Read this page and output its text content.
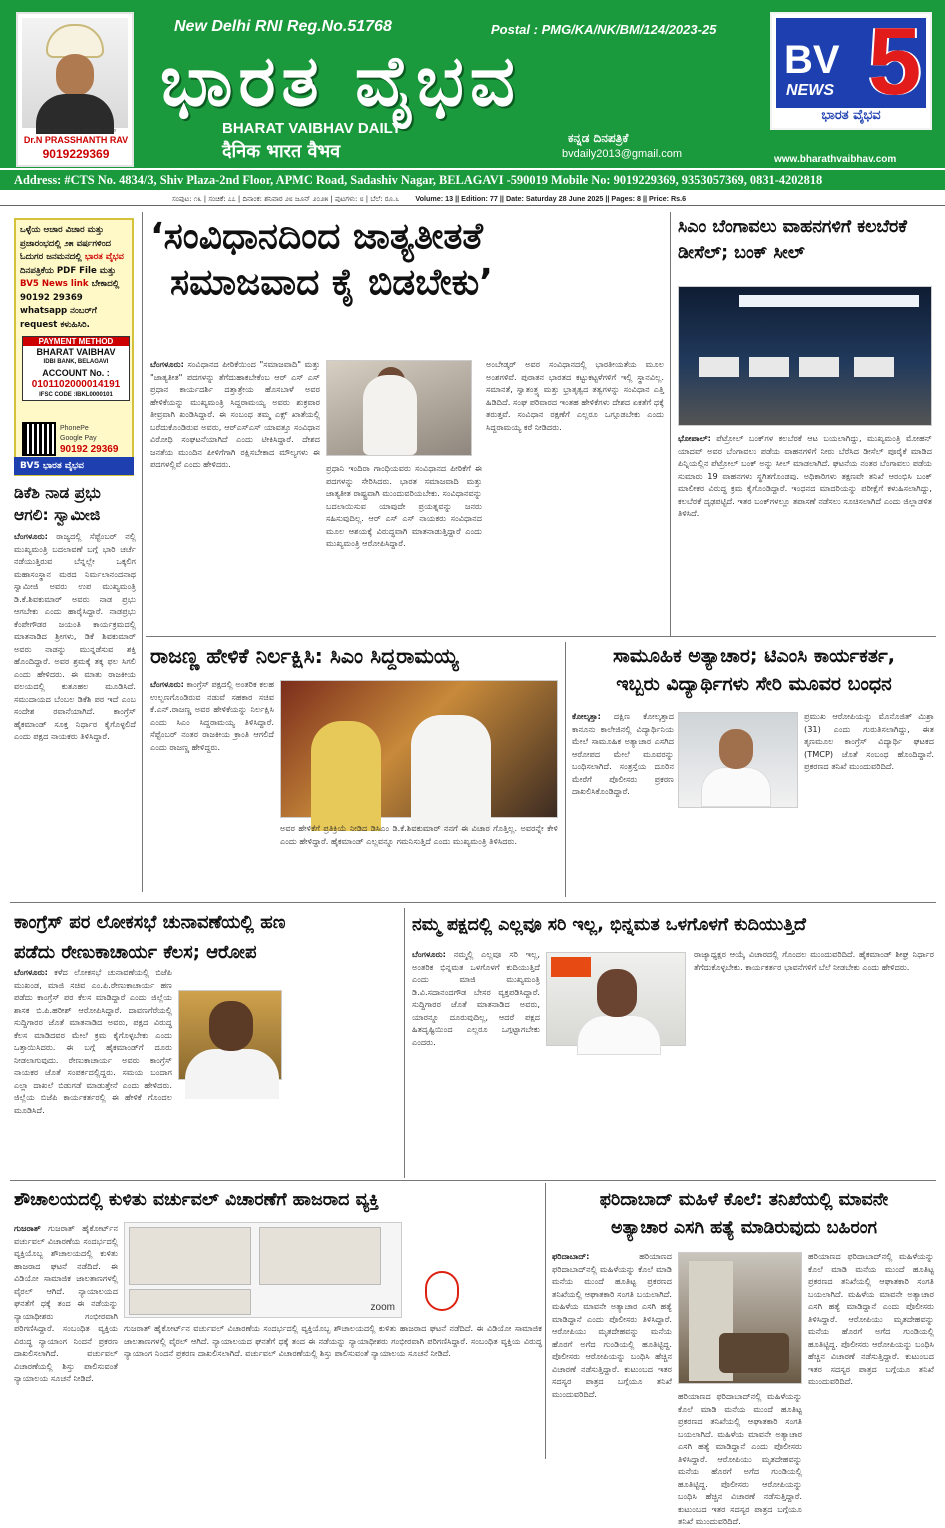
Read, Discuss & Debate with
Dr.N PRASSHANTH RAV
9019229369
New Delhi RNI Reg.No.51768	Postal : PMG/KA/NK/BM/124/2023-25
ಭಾರತ ವೈಭವ
BHARAT VAIBHAV DAILY
दैनिक भारत वैभव
ಕನ್ನಡ ದಿನಪತ್ರಿಕೆ
bvdaily2013@gmail.com
BV
NEWS 5
ಭಾರತ ವೈಭವ
www.bharathvaibhav.com
Address: #CTS No. 4834/3, Shiv Plaza-2nd Floor, APMC Road, Sadashiv Nagar, BELAGAVI -590019 Mobile No: 9019229369, 9353057369, 0831-4202818
ಸಂಪುಟ: ೧೩ | ಸಂಚಿಕೆ: ೭೭ | ದಿನಾಂಕ: ಶನಿವಾರ ೨೮ ಜೂನ್ ೨೦೨೫ | ಪುಟಗಳು: ೮ | ಬೆಲೆ: ರೂ.೬ Volume: 13 || Edition: 77 || Date: Saturday 28 June 2025 || Pages: 8 || Price: Rs.6
ಒಳ್ಳೆಯ ಆಚಾರ ವಿಚಾರ ಮತ್ತು ಪ್ರಜಾರಂಭದಲ್ಲಿ ೨೫ ವರ್ಷಗಳಿಂದ ಓದುಗರ ಜನಮನದಲ್ಲಿ ಭಾರತ ವೈಭವ ದಿನಪತ್ರಿಕೆಯ PDF File ಮತ್ತು BV5 News link ಬೇಕಾದಲ್ಲಿ 90192 29369 whatsapp ನಂಬರ್‌ಗೆ request ಕಳುಹಿಸಿರಿ.
PAYMENT METHOD
BHARAT VAIBHAV
IDBI BANK, BELAGAVI
ACCOUNT No. :
0101102000014191
IFSC CODE :IBKL0000101
PhonePe
Google Pay
90192 29369
BV5 ಭಾರತ ವೈಭವ
ಡಿಕೆಶಿ ನಾಡ ಪ್ರಭು ಆಗಲಿ: ಸ್ವಾಮೀಜಿ
ಬೆಂಗಳೂರು: ರಾಜ್ಯದಲ್ಲಿ ಸೆಪ್ಟೆಂಬರ್ ನಲ್ಲಿ ಮುಖ್ಯಮಂತ್ರಿ ಬದಲಾವಣೆ ಬಗ್ಗೆ ಭಾರಿ ಚರ್ಚೆ ನಡೆಯುತ್ತಿರುವ ಬೆನ್ನಲ್ಲೇ ಒಕ್ಕಲಿಗ ಮಹಾಸಂಸ್ಥಾನ ಮಠದ ನಿರ್ಮಲಾನಂದನಾಥ ಸ್ವಾಮೀಜಿ ಅವರು ಉಪ ಮುಖ್ಯಮಂತ್ರಿ ಡಿ.ಕೆ.ಶಿವಕುಮಾರ್ ಅವರು ನಾಡ ಪ್ರಭು ಆಗಬೇಕು ಎಂದು ಹಾರೈಸಿದ್ದಾರೆ. ನಾಡಪ್ರಭು ಕೆಂಪೇಗೌಡರ ಜಯಂತಿ ಕಾರ್ಯಕ್ರಮದಲ್ಲಿ ಮಾತನಾಡಿದ ಶ್ರೀಗಳು, ಡಿಕೆ ಶಿವಕುಮಾರ್ ಅವರು ನಾಡನ್ನು ಮುನ್ನಡೆಸುವ ಶಕ್ತಿ ಹೊಂದಿದ್ದಾರೆ. ಅವರ ಶ್ರಮಕ್ಕೆ ತಕ್ಕ ಫಲ ಸಿಗಲಿ ಎಂದು ಹೇಳಿದರು. ಈ ಮಾತು ರಾಜಕೀಯ ವಲಯದಲ್ಲಿ ಕುತೂಹಲ ಮೂಡಿಸಿದೆ. ಸಮುದಾಯದ ಬೆಂಬಲ ಡಿಕೆಶಿ ಪರ ಇದೆ ಎಂಬ ಸಂದೇಶ ರವಾನೆಯಾಗಿದೆ. ಕಾಂಗ್ರೆಸ್ ಹೈಕಮಾಂಡ್ ಸೂಕ್ತ ನಿರ್ಧಾರ ಕೈಗೊಳ್ಳಲಿದೆ ಎಂದು ಪಕ್ಷದ ನಾಯಕರು ತಿಳಿಸಿದ್ದಾರೆ.
‘ಸಂವಿಧಾನದಿಂದ ಜಾತ್ಯತೀತತೆ
ಸಮಾಜವಾದ ಕೈ ಬಿಡಬೇಕು’
ಬೆಂಗಳೂರು: ಸಂವಿಧಾನದ ಪೀಠಿಕೆಯಿಂದ "ಸಮಾಜವಾದಿ" ಮತ್ತು "ಜಾತ್ಯತೀತ" ಪದಗಳನ್ನು ತೆಗೆದುಹಾಕಬೇಕೆಂಬ ಆರ್ ಎಸ್ ಎಸ್ ಪ್ರಧಾನ ಕಾರ್ಯದರ್ಶಿ ದತ್ತಾತ್ರೇಯ ಹೊಸಬಾಳೆ ಅವರ ಹೇಳಿಕೆಯನ್ನು ಮುಖ್ಯಮಂತ್ರಿ ಸಿದ್ದರಾಮಯ್ಯ ಅವರು ಶುಕ್ರವಾರ ತೀವ್ರವಾಗಿ ಖಂಡಿಸಿದ್ದಾರೆ. ಈ ಸಂಬಂಧ ತಮ್ಮ ಎಕ್ಸ್ ಖಾತೆಯಲ್ಲಿ ಬರೆದುಕೊಂಡಿರುವ ಅವರು, ಆರ್‌ಎಸ್‌ಎಸ್ ಯಾವತ್ತೂ ಸಂವಿಧಾನ ವಿರೋಧಿ ಸಂಘಟನೆಯಾಗಿದೆ ಎಂದು ಟೀಕಿಸಿದ್ದಾರೆ. ದೇಶದ ಜನತೆಯ ಮುಂದಿನ ಪೀಳಿಗೆಗಾಗಿ ರಕ್ಷಿಸಬೇಕಾದ ಮೌಲ್ಯಗಳು ಈ ಪದಗಳಲ್ಲಿವೆ ಎಂದು ಹೇಳಿದರು.	ಪ್ರಧಾನಿ ಇಂದಿರಾ ಗಾಂಧಿಯವರು ಸಂವಿಧಾನದ ಪೀಠಿಕೆಗೆ ಈ ಪದಗಳನ್ನು ಸೇರಿಸಿದರು. ಭಾರತ ಸಮಾಜವಾದಿ ಮತ್ತು ಜಾತ್ಯತೀತ ರಾಷ್ಟ್ರವಾಗಿ ಮುಂದುವರಿಯಬೇಕು. ಸಂವಿಧಾನವನ್ನು ಬದಲಾಯಿಸುವ ಯಾವುದೇ ಪ್ರಯತ್ನವನ್ನು ಜನರು ಸಹಿಸುವುದಿಲ್ಲ. ಆರ್ ಎಸ್ ಎಸ್ ನಾಯಕರು ಸಂವಿಧಾನದ ಮೂಲ ಆಶಯಕ್ಕೆ ವಿರುದ್ಧವಾಗಿ ಮಾತನಾಡುತ್ತಿದ್ದಾರೆ ಎಂದು ಮುಖ್ಯಮಂತ್ರಿ ಆರೋಪಿಸಿದ್ದಾರೆ.
ಅಂಬೇಡ್ಕರ್ ಅವರ ಸಂವಿಧಾನದಲ್ಲಿ ಭಾರತೀಯತೆಯ ಮೂಲ ಅಂಶಗಳಿವೆ. ಪುರಾತನ ಭಾರತದ ಕಟ್ಟುಕಟ್ಟಳೆಗಳಿಗೆ ಇಲ್ಲಿ ಸ್ಥಾನವಿಲ್ಲ. ಸಮಾನತೆ, ಸ್ವಾತಂತ್ರ್ಯ ಮತ್ತು ಭ್ರಾತೃತ್ವದ ತತ್ವಗಳನ್ನು ಸಂವಿಧಾನ ಎತ್ತಿ ಹಿಡಿದಿದೆ. ಸಂಘ ಪರಿವಾರದ ಇಂತಹ ಹೇಳಿಕೆಗಳು ದೇಶದ ಏಕತೆಗೆ ಧಕ್ಕೆ ತರುತ್ತವೆ. ಸಂವಿಧಾನ ರಕ್ಷಣೆಗೆ ಎಲ್ಲರೂ ಒಗ್ಗೂಡಬೇಕು ಎಂದು ಸಿದ್ದರಾಮಯ್ಯ ಕರೆ ನೀಡಿದರು.
ಸಿಎಂ ಬೆಂಗಾವಲು ವಾಹನಗಳಿಗೆ ಕಲಬೆರಕೆ ಡೀಸೆಲ್; ಬಂಕ್ ಸೀಲ್
ಭೋಪಾಲ್: ಪೆಟ್ರೋಲ್ ಬಂಕ್‌ಗಳ ಕಲಬೆರಕೆ ಆಟ ಬಯಲಾಗಿದ್ದು, ಮುಖ್ಯಮಂತ್ರಿ ಮೋಹನ್ ಯಾದವ್ ಅವರ ಬೆಂಗಾವಲು ಪಡೆಯ ವಾಹನಗಳಿಗೆ ನೀರು ಬೆರೆಸಿದ ಡೀಸೆಲ್ ಪೂರೈಕೆ ಮಾಡಿದ ಪಿನ್ನಿಯಲ್ಲಿನ ಪೆಟ್ರೋಲ್ ಬಂಕ್ ಅನ್ನು ಸೀಲ್ ಮಾಡಲಾಗಿದೆ. ಘಟನೆಯ ನಂತರ ಬೆಂಗಾವಲು ಪಡೆಯ ಸುಮಾರು 19 ವಾಹನಗಳು ಸ್ಥಗಿತಗೊಂಡವು. ಅಧಿಕಾರಿಗಳು ತಕ್ಷಣವೇ ತನಿಖೆ ಆರಂಭಿಸಿ ಬಂಕ್ ಮಾಲೀಕರ ವಿರುದ್ಧ ಕ್ರಮ ಕೈಗೊಂಡಿದ್ದಾರೆ. ಇಂಧನದ ಮಾದರಿಯನ್ನು ಪರೀಕ್ಷೆಗೆ ಕಳುಹಿಸಲಾಗಿದ್ದು, ಕಲಬೆರಕೆ ದೃಢಪಟ್ಟಿದೆ. ಇತರ ಬಂಕ್‌ಗಳಲ್ಲೂ ತಪಾಸಣೆ ನಡೆಸಲು ಸೂಚಿಸಲಾಗಿದೆ ಎಂದು ಜಿಲ್ಲಾಡಳಿತ ತಿಳಿಸಿದೆ.
ರಾಜಣ್ಣ ಹೇಳಿಕೆ ನಿರ್ಲಕ್ಷಿಸಿ: ಸಿಎಂ ಸಿದ್ದರಾಮಯ್ಯ
ಬೆಂಗಳೂರು: ಕಾಂಗ್ರೆಸ್ ಪಕ್ಷದಲ್ಲಿ ಅಂತರಿಕ ಕಲಹ ಉಲ್ಬಣಗೊಂಡಿರುವ ನಡುವೆ ಸಹಕಾರ ಸಚಿವ ಕೆ.ಎನ್.ರಾಜಣ್ಣ ಅವರ ಹೇಳಿಕೆಯನ್ನು ನಿರ್ಲಕ್ಷಿಸಿ ಎಂದು ಸಿಎಂ ಸಿದ್ದರಾಮಯ್ಯ ತಿಳಿಸಿದ್ದಾರೆ. ಸೆಪ್ಟೆಂಬರ್ ನಂತರ ರಾಜಕೀಯ ಕ್ರಾಂತಿ ಆಗಲಿದೆ ಎಂದು ರಾಜಣ್ಣ ಹೇಳಿದ್ದರು.
ಅವರ ಹೇಳಿಕೆಗೆ ಪ್ರತಿಕ್ರಿಯೆ ನೀಡಿದ ಡಿಸಿಎಂ ಡಿ.ಕೆ.ಶಿವಕುಮಾರ್ ನನಗೆ ಈ ವಿಚಾರ ಗೊತ್ತಿಲ್ಲ. ಅವರನ್ನೇ ಕೇಳಿ ಎಂದು ಹೇಳಿದ್ದಾರೆ. ಹೈಕಮಾಂಡ್ ಎಲ್ಲವನ್ನೂ ಗಮನಿಸುತ್ತಿದೆ ಎಂದು ಮುಖ್ಯಮಂತ್ರಿ ತಿಳಿಸಿದರು.
ಸಾಮೂಹಿಕ ಅತ್ಯಾಚಾರ; ಟಿಎಂಸಿ ಕಾರ್ಯಕರ್ತ,
ಇಬ್ಬರು ವಿದ್ಯಾರ್ಥಿಗಳು ಸೇರಿ ಮೂವರ ಬಂಧನ
ಕೋಲ್ಕತ್ತಾ: ದಕ್ಷಿಣ ಕೋಲ್ಕತ್ತಾದ ಕಾನೂನು ಕಾಲೇಜಿನಲ್ಲಿ ವಿದ್ಯಾರ್ಥಿನಿಯ ಮೇಲೆ ಸಾಮೂಹಿಕ ಅತ್ಯಾಚಾರ ಎಸಗಿದ ಆರೋಪದ ಮೇಲೆ ಮೂವರನ್ನು ಬಂಧಿಸಲಾಗಿದೆ. ಸಂತ್ರಸ್ತೆಯ ದೂರಿನ ಮೇರೆಗೆ ಪೊಲೀಸರು ಪ್ರಕರಣ ದಾಖಲಿಸಿಕೊಂಡಿದ್ದಾರೆ.
ಪ್ರಮುಖ ಆರೋಪಿಯನ್ನು ಮೊನೊಜಿತ್ ಮಿಶ್ರಾ (31) ಎಂದು ಗುರುತಿಸಲಾಗಿದ್ದು, ಈತ ತೃಣಮೂಲ ಕಾಂಗ್ರೆಸ್ ವಿದ್ಯಾರ್ಥಿ ಘಟಕದ (TMCP) ಜೊತೆ ಸಂಬಂಧ ಹೊಂದಿದ್ದಾನೆ. ಪ್ರಕರಣದ ತನಿಖೆ ಮುಂದುವರಿದಿದೆ.
ಕಾಂಗ್ರೆಸ್ ಪರ ಲೋಕಸಭೆ ಚುನಾವಣೆಯಲ್ಲಿ ಹಣ
ಪಡೆದು ರೇಣುಕಾಚಾರ್ಯ ಕೆಲಸ; ಆರೋಪ
ಬೆಂಗಳೂರು: ಕಳೆದ ಲೋಕಸಭೆ ಚುನಾವಣೆಯಲ್ಲಿ ಬಿಜೆಪಿ ಮುಖಂಡ, ಮಾಜಿ ಸಚಿವ ಎಂ.ಪಿ.ರೇಣುಕಾಚಾರ್ಯ ಹಣ ಪಡೆದು ಕಾಂಗ್ರೆಸ್ ಪರ ಕೆಲಸ ಮಾಡಿದ್ದಾರೆ ಎಂದು ಜಿಲ್ಲೆಯ ಶಾಸಕ ಬಿ.ಪಿ.ಹರೀಶ್ ಆರೋಪಿಸಿದ್ದಾರೆ. ದಾವಣಗೆರೆಯಲ್ಲಿ ಸುದ್ದಿಗಾರರ ಜೊತೆ ಮಾತನಾಡಿದ ಅವರು, ಪಕ್ಷದ ವಿರುದ್ಧ ಕೆಲಸ ಮಾಡಿದವರ ಮೇಲೆ ಕ್ರಮ ಕೈಗೊಳ್ಳಬೇಕು ಎಂದು ಒತ್ತಾಯಿಸಿದರು. ಈ ಬಗ್ಗೆ ಹೈಕಮಾಂಡ್‌ಗೆ ದೂರು ನೀಡಲಾಗುವುದು. ರೇಣುಕಾಚಾರ್ಯ ಅವರು ಕಾಂಗ್ರೆಸ್ ನಾಯಕರ ಜೊತೆ ಸಂಪರ್ಕದಲ್ಲಿದ್ದರು. ಸಮಯ ಬಂದಾಗ ಎಲ್ಲಾ ದಾಖಲೆ ಬಿಡುಗಡೆ ಮಾಡುತ್ತೇನೆ ಎಂದು ಹೇಳಿದರು. ಜಿಲ್ಲೆಯ ಬಿಜೆಪಿ ಕಾರ್ಯಕರ್ತರಲ್ಲಿ ಈ ಹೇಳಿಕೆ ಗೊಂದಲ ಮೂಡಿಸಿದೆ.
ನಮ್ಮ ಪಕ್ಷದಲ್ಲಿ ಎಲ್ಲವೂ ಸರಿ ಇಲ್ಲ, ಭಿನ್ನಮತ ಒಳಗೊಳಗೆ ಕುದಿಯುತ್ತಿದೆ
ಬೆಂಗಳೂರು: ನಮ್ಮಲ್ಲಿ ಎಲ್ಲವೂ ಸರಿ ಇಲ್ಲ, ಅಂತರಿಕ ಭಿನ್ನಮತ ಒಳಗೊಳಗೆ ಕುದಿಯುತ್ತಿದೆ ಎಂದು ಮಾಜಿ ಮುಖ್ಯಮಂತ್ರಿ ಡಿ.ವಿ.ಸದಾನಂದಗೌಡ ಬೇಸರ ವ್ಯಕ್ತಪಡಿಸಿದ್ದಾರೆ. ಸುದ್ದಿಗಾರರ ಜೊತೆ ಮಾತನಾಡಿದ ಅವರು, ಯಾರನ್ನೂ ದೂರುವುದಿಲ್ಲ, ಆದರೆ ಪಕ್ಷದ ಹಿತದೃಷ್ಟಿಯಿಂದ ಎಲ್ಲರೂ ಒಗ್ಗಟ್ಟಾಗಬೇಕು ಎಂದರು.
ರಾಜ್ಯಾಧ್ಯಕ್ಷರ ಆಯ್ಕೆ ವಿಚಾರದಲ್ಲಿ ಗೊಂದಲ ಮುಂದುವರಿದಿದೆ. ಹೈಕಮಾಂಡ್ ಶೀಘ್ರ ನಿರ್ಧಾರ ತೆಗೆದುಕೊಳ್ಳಬೇಕು. ಕಾರ್ಯಕರ್ತರ ಭಾವನೆಗಳಿಗೆ ಬೆಲೆ ನೀಡಬೇಕು ಎಂದು ಹೇಳಿದರು.
ಶೌಚಾಲಯದಲ್ಲಿ ಕುಳಿತು ವರ್ಚುವಲ್ ವಿಚಾರಣೆಗೆ ಹಾಜರಾದ ವ್ಯಕ್ತಿ
zoom
ಗುಜರಾತ್ ಗುಜರಾತ್ ಹೈಕೋರ್ಟ್‌ನ ವರ್ಚುವಲ್ ವಿಚಾರಣೆಯ ಸಂದರ್ಭದಲ್ಲಿ ವ್ಯಕ್ತಿಯೊಬ್ಬ ಶೌಚಾಲಯದಲ್ಲಿ ಕುಳಿತು ಹಾಜರಾದ ಘಟನೆ ನಡೆದಿದೆ. ಈ ವಿಡಿಯೋ ಸಾಮಾಜಿಕ ಜಾಲತಾಣಗಳಲ್ಲಿ ವೈರಲ್ ಆಗಿದೆ. ನ್ಯಾಯಾಲಯದ ಘನತೆಗೆ ಧಕ್ಕೆ ತಂದ ಈ ನಡೆಯನ್ನು ನ್ಯಾಯಾಧೀಶರು ಗಂಭೀರವಾಗಿ ಪರಿಗಣಿಸಿದ್ದಾರೆ. ಸಂಬಂಧಿತ ವ್ಯಕ್ತಿಯ ವಿರುದ್ಧ ನ್ಯಾಯಾಂಗ ನಿಂದನೆ ಪ್ರಕರಣ ದಾಖಲಿಸಲಾಗಿದೆ. ವರ್ಚುವಲ್ ವಿಚಾರಣೆಯಲ್ಲಿ ಶಿಸ್ತು ಪಾಲಿಸುವಂತೆ ನ್ಯಾಯಾಲಯ ಸೂಚನೆ ನೀಡಿದೆ.
ಗುಜರಾತ್ ಹೈಕೋರ್ಟ್‌ನ ವರ್ಚುವಲ್ ವಿಚಾರಣೆಯ ಸಂದರ್ಭದಲ್ಲಿ ವ್ಯಕ್ತಿಯೊಬ್ಬ ಶೌಚಾಲಯದಲ್ಲಿ ಕುಳಿತು ಹಾಜರಾದ ಘಟನೆ ನಡೆದಿದೆ. ಈ ವಿಡಿಯೋ ಸಾಮಾಜಿಕ ಜಾಲತಾಣಗಳಲ್ಲಿ ವೈರಲ್ ಆಗಿದೆ. ನ್ಯಾಯಾಲಯದ ಘನತೆಗೆ ಧಕ್ಕೆ ತಂದ ಈ ನಡೆಯನ್ನು ನ್ಯಾಯಾಧೀಶರು ಗಂಭೀರವಾಗಿ ಪರಿಗಣಿಸಿದ್ದಾರೆ. ಸಂಬಂಧಿತ ವ್ಯಕ್ತಿಯ ವಿರುದ್ಧ ನ್ಯಾಯಾಂಗ ನಿಂದನೆ ಪ್ರಕರಣ ದಾಖಲಿಸಲಾಗಿದೆ. ವರ್ಚುವಲ್ ವಿಚಾರಣೆಯಲ್ಲಿ ಶಿಸ್ತು ಪಾಲಿಸುವಂತೆ ನ್ಯಾಯಾಲಯ ಸೂಚನೆ ನೀಡಿದೆ.
ಫರಿದಾಬಾದ್ ಮಹಿಳೆ ಕೊಲೆ: ತನಿಖೆಯಲ್ಲಿ ಮಾವನೇ
ಅತ್ಯಾಚಾರ ಎಸಗಿ ಹತ್ಯೆ ಮಾಡಿರುವುದು ಬಹಿರಂಗ
ಫರಿದಾಬಾದ್:	ಹರಿಯಾಣದ ಫರಿದಾಬಾದ್‌ನಲ್ಲಿ ಮಹಿಳೆಯನ್ನು ಕೊಲೆ ಮಾಡಿ ಮನೆಯ ಮುಂದೆ ಹೂತಿಟ್ಟ ಪ್ರಕರಣದ ತನಿಖೆಯಲ್ಲಿ ಆಘಾತಕಾರಿ ಸಂಗತಿ ಬಯಲಾಗಿದೆ. ಮಹಿಳೆಯ ಮಾವನೇ ಅತ್ಯಾಚಾರ ಎಸಗಿ ಹತ್ಯೆ ಮಾಡಿದ್ದಾನೆ ಎಂದು ಪೊಲೀಸರು ತಿಳಿಸಿದ್ದಾರೆ. ಆರೋಪಿಯು ಮೃತದೇಹವನ್ನು ಮನೆಯ ಹೊರಗೆ ಅಗೆದ ಗುಂಡಿಯಲ್ಲಿ ಹೂತಿಟ್ಟಿದ್ದ. ಪೊಲೀಸರು ಆರೋಪಿಯನ್ನು ಬಂಧಿಸಿ ಹೆಚ್ಚಿನ ವಿಚಾರಣೆ ನಡೆಸುತ್ತಿದ್ದಾರೆ. ಕುಟುಂಬದ ಇತರ ಸದಸ್ಯರ ಪಾತ್ರದ ಬಗ್ಗೆಯೂ ತನಿಖೆ ಮುಂದುವರಿದಿದೆ.
ಹರಿಯಾಣದ ಫರಿದಾಬಾದ್‌ನಲ್ಲಿ ಮಹಿಳೆಯನ್ನು ಕೊಲೆ ಮಾಡಿ ಮನೆಯ ಮುಂದೆ ಹೂತಿಟ್ಟ ಪ್ರಕರಣದ ತನಿಖೆಯಲ್ಲಿ ಆಘಾತಕಾರಿ ಸಂಗತಿ ಬಯಲಾಗಿದೆ. ಮಹಿಳೆಯ ಮಾವನೇ ಅತ್ಯಾಚಾರ ಎಸಗಿ ಹತ್ಯೆ ಮಾಡಿದ್ದಾನೆ ಎಂದು ಪೊಲೀಸರು ತಿಳಿಸಿದ್ದಾರೆ. ಆರೋಪಿಯು ಮೃತದೇಹವನ್ನು ಮನೆಯ ಹೊರಗೆ ಅಗೆದ ಗುಂಡಿಯಲ್ಲಿ ಹೂತಿಟ್ಟಿದ್ದ. ಪೊಲೀಸರು ಆರೋಪಿಯನ್ನು ಬಂಧಿಸಿ ಹೆಚ್ಚಿನ ವಿಚಾರಣೆ ನಡೆಸುತ್ತಿದ್ದಾರೆ. ಕುಟುಂಬದ ಇತರ ಸದಸ್ಯರ ಪಾತ್ರದ ಬಗ್ಗೆಯೂ ತನಿಖೆ ಮುಂದುವರಿದಿದೆ.
ಹರಿಯಾಣದ ಫರಿದಾಬಾದ್‌ನಲ್ಲಿ ಮಹಿಳೆಯನ್ನು ಕೊಲೆ ಮಾಡಿ ಮನೆಯ ಮುಂದೆ ಹೂತಿಟ್ಟ ಪ್ರಕರಣದ ತನಿಖೆಯಲ್ಲಿ ಆಘಾತಕಾರಿ ಸಂಗತಿ ಬಯಲಾಗಿದೆ. ಮಹಿಳೆಯ ಮಾವನೇ ಅತ್ಯಾಚಾರ ಎಸಗಿ ಹತ್ಯೆ ಮಾಡಿದ್ದಾನೆ ಎಂದು ಪೊಲೀಸರು ತಿಳಿಸಿದ್ದಾರೆ. ಆರೋಪಿಯು ಮೃತದೇಹವನ್ನು ಮನೆಯ ಹೊರಗೆ ಅಗೆದ ಗುಂಡಿಯಲ್ಲಿ ಹೂತಿಟ್ಟಿದ್ದ. ಪೊಲೀಸರು ಆರೋಪಿಯನ್ನು ಬಂಧಿಸಿ ಹೆಚ್ಚಿನ ವಿಚಾರಣೆ ನಡೆಸುತ್ತಿದ್ದಾರೆ. ಕುಟುಂಬದ ಇತರ ಸದಸ್ಯರ ಪಾತ್ರದ ಬಗ್ಗೆಯೂ ತನಿಖೆ ಮುಂದುವರಿದಿದೆ.
